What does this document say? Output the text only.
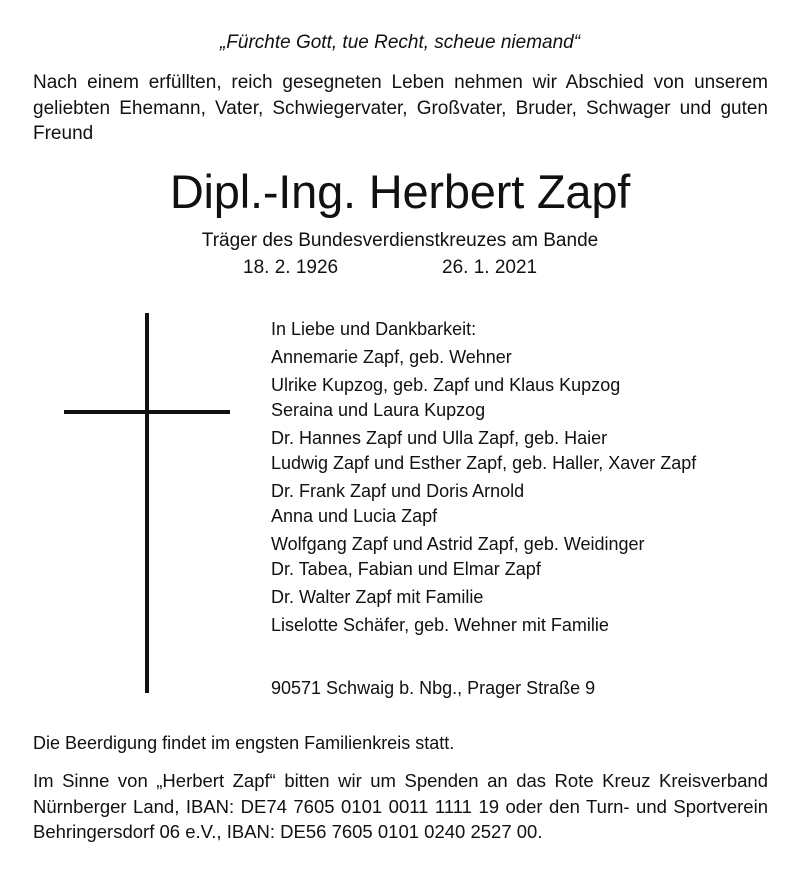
„Fürchte Gott, tue Recht, scheue niemand“
Nach einem erfüllten, reich gesegneten Leben nehmen wir Abschied von unserem geliebten Ehemann, Vater, Schwiegervater, Großvater, Bruder, Schwager und guten Freund
Dipl.-Ing. Herbert Zapf
Träger des Bundesverdienstkreuzes am Bande
18. 2. 1926	26. 1. 2021
In Liebe und Dankbarkeit:
Annemarie Zapf, geb. Wehner
Ulrike Kupzog, geb. Zapf und Klaus Kupzog
Seraina und Laura Kupzog
Dr. Hannes Zapf und Ulla Zapf, geb. Haier
Ludwig Zapf und Esther Zapf, geb. Haller, Xaver Zapf
Dr. Frank Zapf und Doris Arnold
Anna und Lucia Zapf
Wolfgang Zapf und Astrid Zapf, geb. Weidinger
Dr. Tabea, Fabian und Elmar Zapf
Dr. Walter Zapf mit Familie
Liselotte Schäfer, geb. Wehner mit Familie
90571 Schwaig b. Nbg., Prager Straße 9
Die Beerdigung findet im engsten Familienkreis statt.
Im Sinne von „Herbert Zapf“ bitten wir um Spenden an das Rote Kreuz Kreisverband Nürnberger Land, IBAN: DE74 7605 0101 0011 1111 19 oder den Turn- und Sportverein Behringersdorf 06 e.V., IBAN: DE56 7605 0101 0240 2527 00.
